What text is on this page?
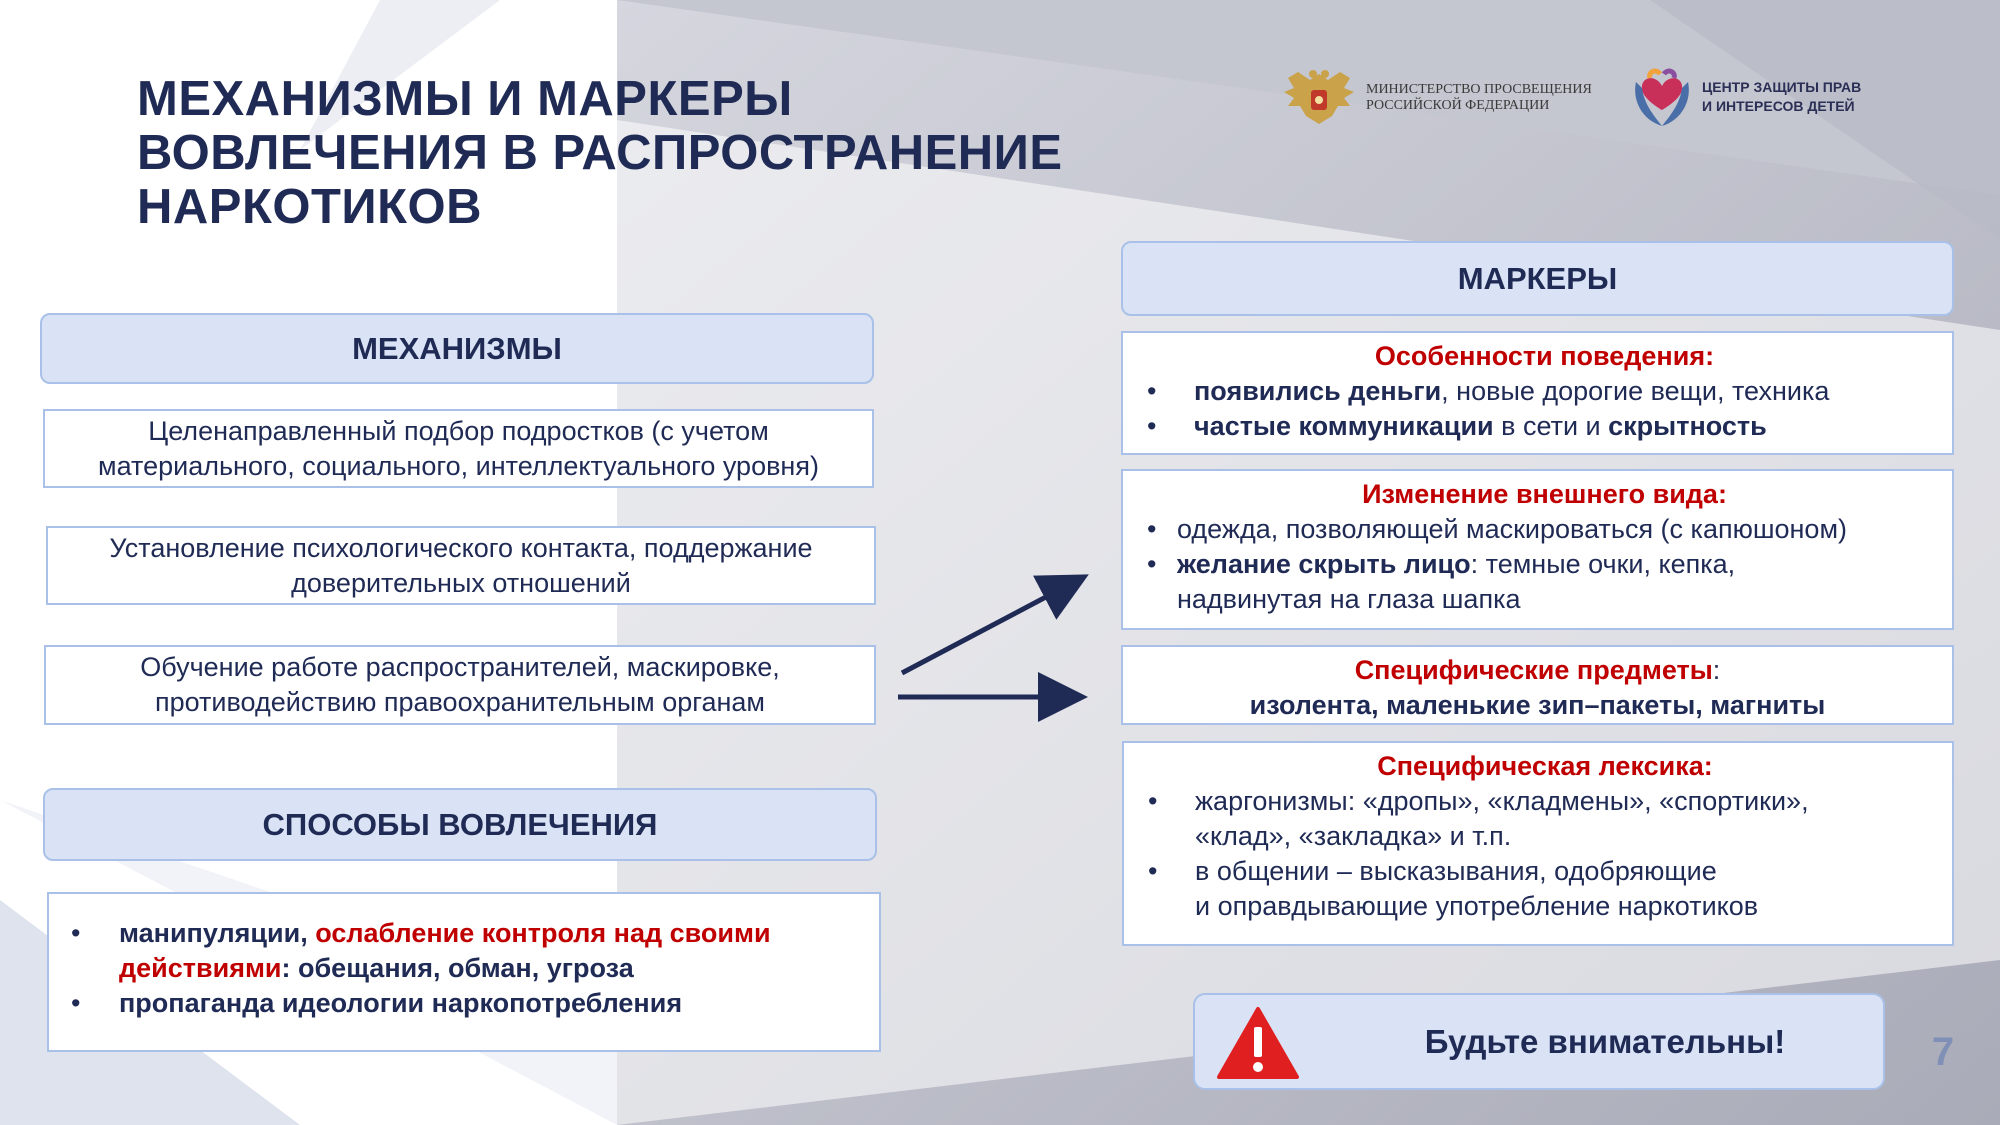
МЕХАНИЗМЫ И МАРКЕРЫ
ВОВЛЕЧЕНИЯ В РАСПРОСТРАНЕНИЕ
НАРКОТИКОВ
МИНИСТЕРСТВО ПРОСВЕЩЕНИЯ
РОССИЙСКОЙ ФЕДЕРАЦИИ
ЦЕНТР ЗАЩИТЫ ПРАВ
И ИНТЕРЕСОВ ДЕТЕЙ
МЕХАНИЗМЫ
Целенаправленный подбор подростков (с учетом
материального, социального, интеллектуального уровня)
Установление психологического контакта, поддержание
доверительных отношений
Обучение работе распространителей, маскировке,
противодействию правоохранительным органам
СПОСОБЫ ВОВЛЕЧЕНИЯ
• манипуляции, ослабление контроля над своими
действиями: обещания, обман, угроза
• пропаганда идеологии наркопотребления
МАРКЕРЫ
Особенности поведения:
• появились деньги, новые дорогие вещи, техника
• частые коммуникации в сети и скрытность
Изменение внешнего вида:
• одежда, позволяющей маскироваться (с капюшоном)
• желание скрыть лицо: темные очки, кепка,
надвинутая на глаза шапка
Специфические предметы:
изолента, маленькие зип–пакеты, магниты
Специфическая лексика:
• жаргонизмы: «дропы», «кладмены», «спортики»,
«клад», «закладка» и т.п.
• в общении – высказывания, одобряющие
и оправдывающие употребление наркотиков
Будьте внимательны!	7
